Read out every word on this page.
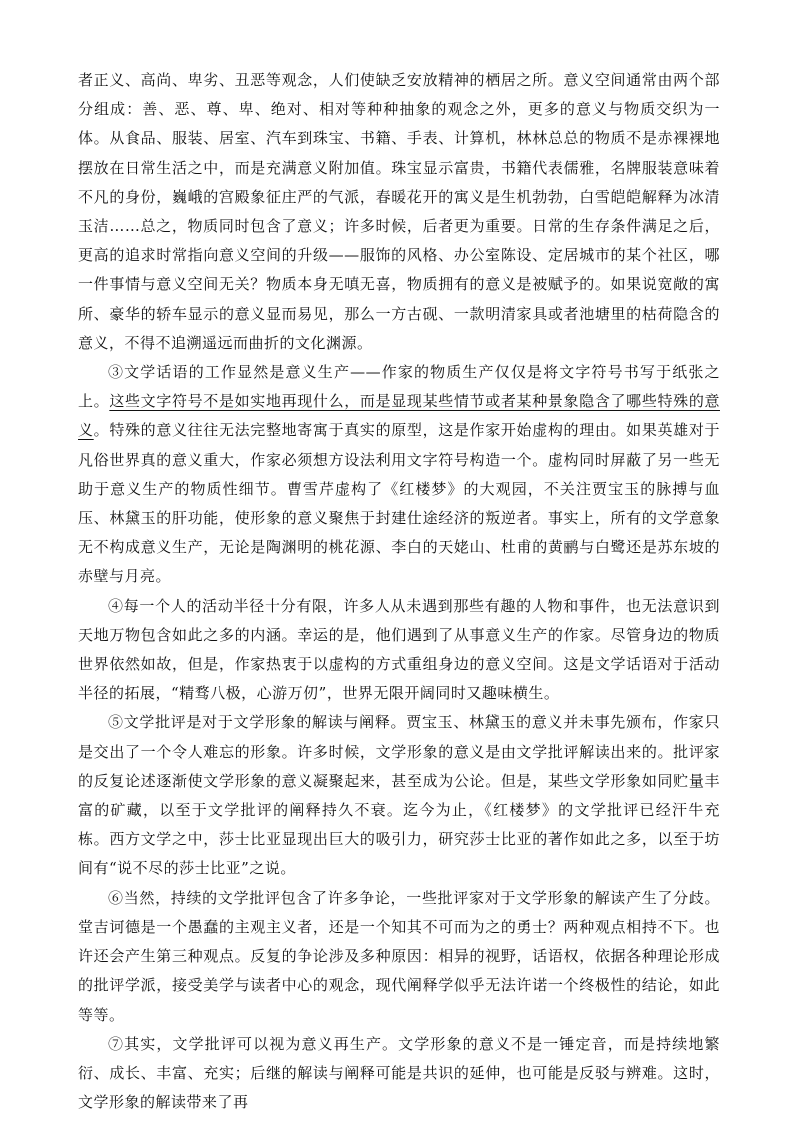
者正义、高尚、卑劣、丑恶等观念，人们使缺乏安放精神的栖居之所。意义空间通常由两个部分组成：善、恶、尊、卑、绝对、相对等种种抽象的观念之外，更多的意义与物质交织为一体。从食品、服装、居室、汽车到珠宝、书籍、手表、计算机，林林总总的物质不是赤裸裸地摆放在日常生活之中，而是充满意义附加值。珠宝显示富贵，书籍代表儒雅，名牌服装意味着不凡的身份，巍峨的宫殿象征庄严的气派，春暖花开的寓义是生机勃勃，白雪皑皑解释为冰清玉洁……总之，物质同时包含了意义；许多时候，后者更为重要。日常的生存条件满足之后，更高的追求时常指向意义空间的升级——服饰的风格、办公室陈设、定居城市的某个社区，哪一件事情与意义空间无关？物质本身无嗔无喜，物质拥有的意义是被赋予的。如果说宽敞的寓所、豪华的轿车显示的意义显而易见，那么一方古砚、一款明清家具或者池塘里的枯荷隐含的意义，不得不追溯遥远而曲折的文化渊源。

③文学话语的工作显然是意义生产——作家的物质生产仅仅是将文字符号书写于纸张之上。这些文字符号不是如实地再现什么，而是显现某些情节或者某种景象隐含了哪些特殊的意义。特殊的意义往往无法完整地寄寓于真实的原型，这是作家开始虚构的理由。如果英雄对于凡俗世界真的意义重大，作家必须想方设法利用文字符号构造一个。虚构同时屏蔽了另一些无助于意义生产的物质性细节。曹雪芹虚构了《红楼梦》的大观园，不关注贾宝玉的脉搏与血压、林黛玉的肝功能，使形象的意义聚焦于封建仕途经济的叛逆者。事实上，所有的文学意象无不构成意义生产，无论是陶渊明的桃花源、李白的天姥山、杜甫的黄鹂与白鹭还是苏东坡的赤壁与月亮。

④每一个人的活动半径十分有限，许多人从未遇到那些有趣的人物和事件，也无法意识到天地万物包含如此之多的内涵。幸运的是，他们遇到了从事意义生产的作家。尽管身边的物质世界依然如故，但是，作家热衷于以虚构的方式重组身边的意义空间。这是文学话语对于活动半径的拓展，“精骛八极，心游万仞”，世界无限开阔同时又趣味横生。

⑤文学批评是对于文学形象的解读与阐释。贾宝玉、林黛玉的意义并未事先颁布，作家只是交出了一个令人难忘的形象。许多时候，文学形象的意义是由文学批评解读出来的。批评家的反复论述逐渐使文学形象的意义凝聚起来，甚至成为公论。但是，某些文学形象如同贮量丰富的矿藏，以至于文学批评的阐释持久不衰。迄今为止，《红楼梦》的文学批评已经汗牛充栋。西方文学之中，莎士比亚显现出巨大的吸引力，研究莎士比亚的著作如此之多，以至于坊间有“说不尽的莎士比亚”之说。

⑥当然，持续的文学批评包含了许多争论，一些批评家对于文学形象的解读产生了分歧。堂吉诃德是一个愚蠢的主观主义者，还是一个知其不可而为之的勇士？两种观点相持不下。也许还会产生第三种观点。反复的争论涉及多种原因：相异的视野，话语权，依据各种理论形成的批评学派，接受美学与读者中心的观念，现代阐释学似乎无法许诺一个终极性的结论，如此等等。

⑦其实，文学批评可以视为意义再生产。文学形象的意义不是一锤定音，而是持续地繁衍、成长、丰富、充实；后继的解读与阐释可能是共识的延伸，也可能是反驳与辨难。这时，文学形象的解读带来了再
